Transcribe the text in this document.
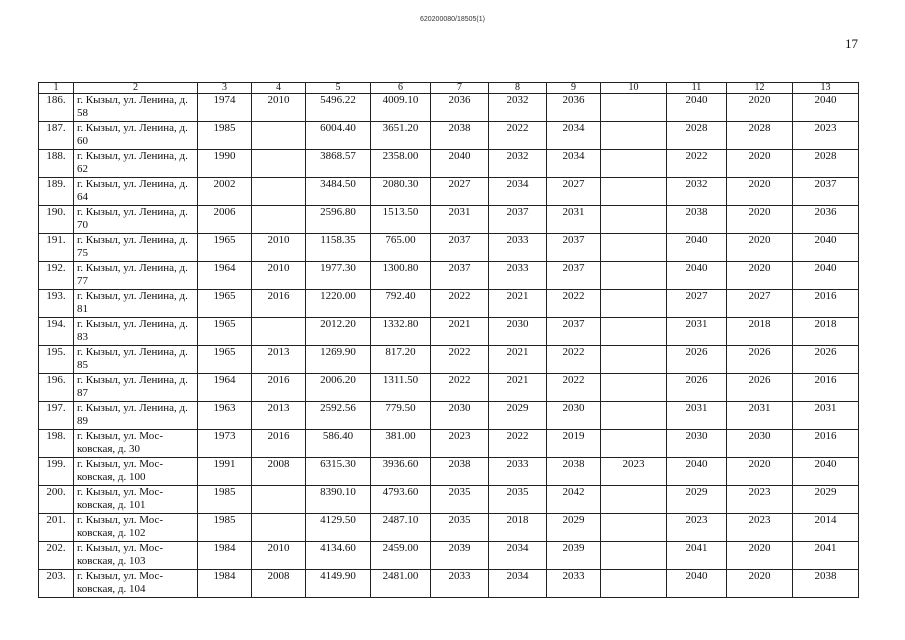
620200080/18505(1)
17
1	2	3	4	5	6	7	8	9	10	11	12	13
186.	г. Кызыл, ул. Ленина, д. 58	1974	2010	5496.22	4009.10	2036	2032	2036		2040	2020	2040
187.	г. Кызыл, ул. Ленина, д. 60	1985		6004.40	3651.20	2038	2022	2034		2028	2028	2023
188.	г. Кызыл, ул. Ленина, д. 62	1990		3868.57	2358.00	2040	2032	2034		2022	2020	2028
189.	г. Кызыл, ул. Ленина, д. 64	2002		3484.50	2080.30	2027	2034	2027		2032	2020	2037
190.	г. Кызыл, ул. Ленина, д. 70	2006		2596.80	1513.50	2031	2037	2031		2038	2020	2036
191.	г. Кызыл, ул. Ленина, д. 75	1965	2010	1158.35	765.00	2037	2033	2037		2040	2020	2040
192.	г. Кызыл, ул. Ленина, д. 77	1964	2010	1977.30	1300.80	2037	2033	2037		2040	2020	2040
193.	г. Кызыл, ул. Ленина, д. 81	1965	2016	1220.00	792.40	2022	2021	2022		2027	2027	2016
194.	г. Кызыл, ул. Ленина, д. 83	1965		2012.20	1332.80	2021	2030	2037		2031	2018	2018
195.	г. Кызыл, ул. Ленина, д. 85	1965	2013	1269.90	817.20	2022	2021	2022		2026	2026	2026
196.	г. Кызыл, ул. Ленина, д. 87	1964	2016	2006.20	1311.50	2022	2021	2022		2026	2026	2016
197.	г. Кызыл, ул. Ленина, д. 89	1963	2013	2592.56	779.50	2030	2029	2030		2031	2031	2031
198.	г. Кызыл, ул. Мос-ковская, д. 30	1973	2016	586.40	381.00	2023	2022	2019		2030	2030	2016
199.	г. Кызыл, ул. Мос-ковская, д. 100	1991	2008	6315.30	3936.60	2038	2033	2038	2023	2040	2020	2040
200.	г. Кызыл, ул. Мос-ковская, д. 101	1985		8390.10	4793.60	2035	2035	2042		2029	2023	2029
201.	г. Кызыл, ул. Мос-ковская, д. 102	1985		4129.50	2487.10	2035	2018	2029		2023	2023	2014
202.	г. Кызыл, ул. Мос-ковская, д. 103	1984	2010	4134.60	2459.00	2039	2034	2039		2041	2020	2041
203.	г. Кызыл, ул. Мос-ковская, д. 104	1984	2008	4149.90	2481.00	2033	2034	2033		2040	2020	2038
